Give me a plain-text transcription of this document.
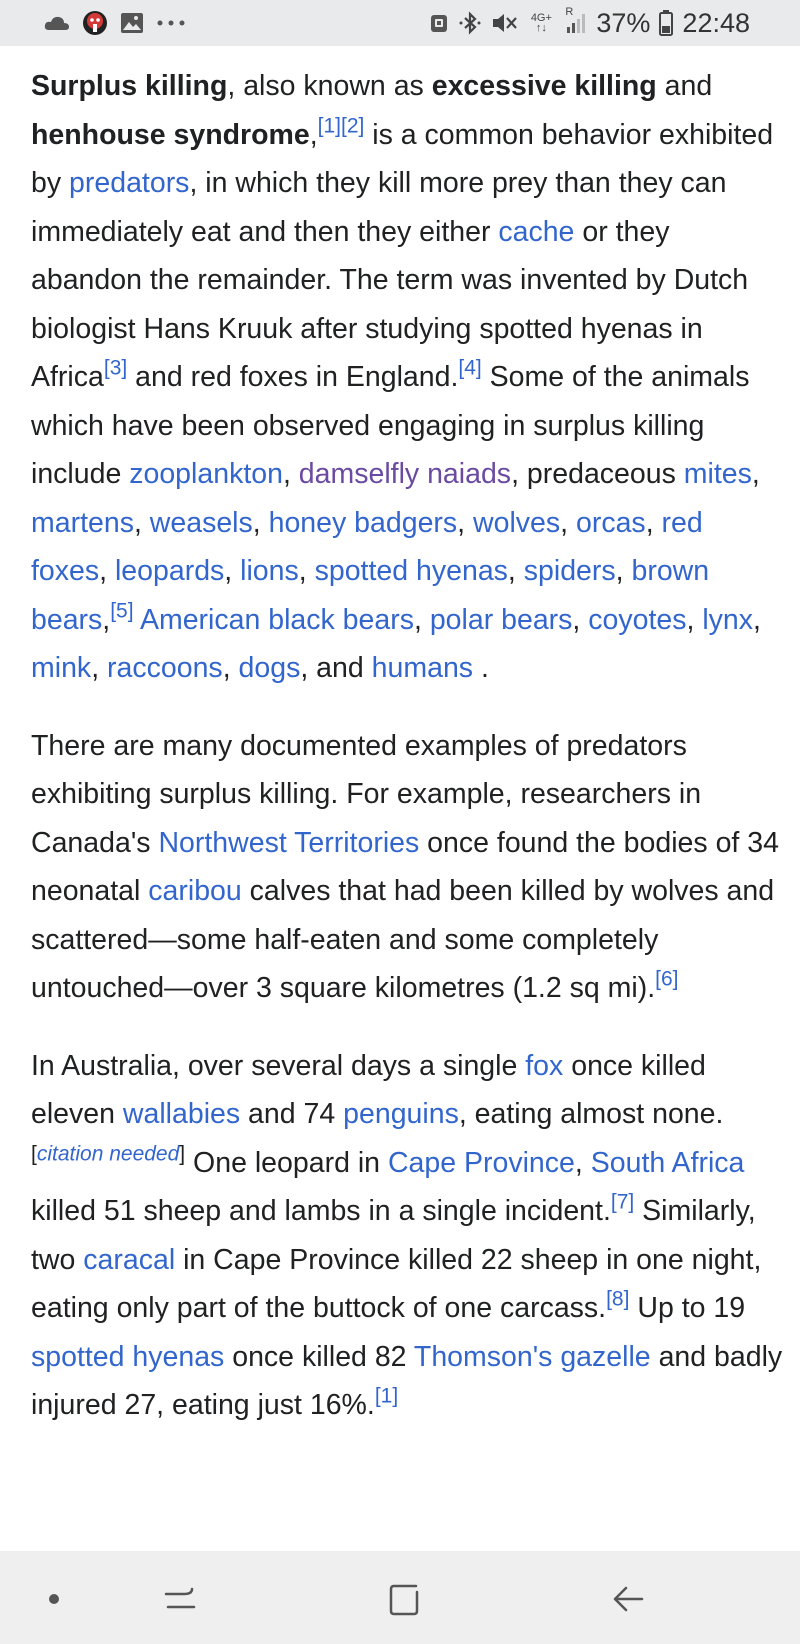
4G+
↑↓
R 37% 22:48

Surplus killing, also known as excessive killing and henhouse syndrome,[1][2] is a common behavior exhibited by predators, in which they kill more prey than they can immediately eat and then they either cache or they abandon the remainder. The term was invented by Dutch biologist Hans Kruuk after studying spotted hyenas in Africa[3] and red foxes in England.[4] Some of the animals which have been observed engaging in surplus killing include zooplankton, damselfly naiads, predaceous mites, martens, weasels, honey badgers, wolves, orcas, red foxes, leopards, lions, spotted hyenas, spiders, brown bears,[5] American black bears, polar bears, coyotes, lynx, mink, raccoons, dogs, and humans .

There are many documented examples of predators exhibiting surplus killing. For example, researchers in Canada's Northwest Territories once found the bodies of 34 neonatal caribou calves that had been killed by wolves and scattered—some half-eaten and some completely untouched—over 3 square kilometres (1.2 sq mi).[6]

In Australia, over several days a single fox once killed eleven wallabies and 74 penguins, eating almost none.[citation needed] One leopard in Cape Province, South Africa killed 51 sheep and lambs in a single incident.[7] Similarly, two caracal in Cape Province killed 22 sheep in one night, eating only part of the buttock of one carcass.[8] Up to 19 spotted hyenas once killed 82 Thomson's gazelle and badly injured 27, eating just 16%.[1]
